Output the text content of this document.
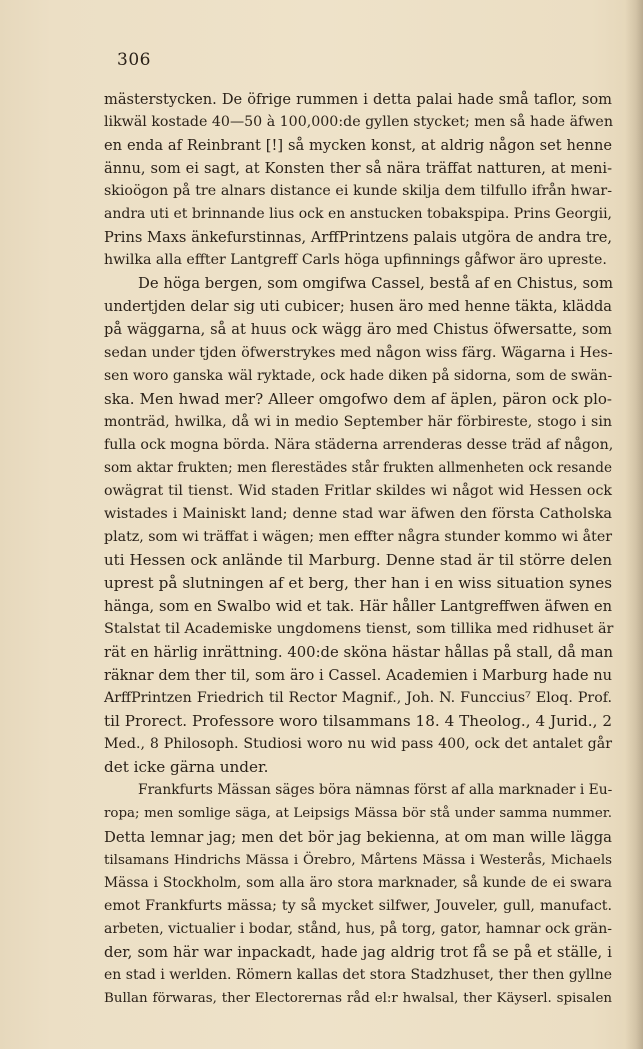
306
mästerstycken. De öfrige rummen i detta palai hade små taflor, som
likwäl kostade 40—50 à 100,000:de gyllen stycket; men så hade äfwen
en enda af Reinbrant [!] så mycken konst, at aldrig någon set henne
ännu, som ei sagt, at Konsten ther så nära träffat natturen, at meni-
skioögon på tre alnars distance ei kunde skilja dem tilfullo ifrån hwar-
andra uti et brinnande lius ock en anstucken tobakspipa. Prins Georgii,
Prins Maxs änkefurstinnas, ArffPrintzens palais utgöra de andra tre,
hwilka alla effter Lantgreff Carls höga upfinnings gåfwor äro upreste.
De höga bergen, som omgifwa Cassel, bestå af en Chistus, som
undertjden delar sig uti cubicer; husen äro med henne täkta, klädda
på wäggarna, så at huus ock wägg äro med Chistus öfwersatte, som
sedan under tjden öfwerstrykes med någon wiss färg. Wägarna i Hes-
sen woro ganska wäl ryktade, ock hade diken på sidorna, som de swän-
ska. Men hwad mer? Alleer omgofwo dem af äplen, päron ock plo-
monträd, hwilka, då wi in medio September här förbireste, stogo i sin
fulla ock mogna börda. Nära städerna arrenderas desse träd af någon,
som aktar frukten; men flerestädes står frukten allmenheten ock resande
owägrat til tienst. Wid staden Fritlar skildes wi något wid Hessen ock
wistades i Mainiskt land; denne stad war äfwen den första Catholska
platz, som wi träffat i wägen; men effter några stunder kommo wi åter
uti Hessen ock anlände til Marburg. Denne stad är til större delen
uprest på slutningen af et berg, ther han i en wiss situation synes
hänga, som en Swalbo wid et tak. Här håller Lantgreffwen äfwen en
Stalstat til Academiske ungdomens tienst, som tillika med ridhuset är
rät en härlig inrättning. 400:de sköna hästar hållas på stall, då man
räknar dem ther til, som äro i Cassel. Academien i Marburg hade nu
ArffPrintzen Friedrich til Rector Magnif., Joh. N. Funccius⁷ Eloq. Prof.
til Prorect. Professore woro tilsammans 18. 4 Theolog., 4 Jurid., 2
Med., 8 Philosoph. Studiosi woro nu wid pass 400, ock det antalet går
det icke gärna under.
Frankfurts Mässan säges böra nämnas först af alla marknader i Eu-
ropa; men somlige säga, at Leipsigs Mässa bör stå under samma nummer.
Detta lemnar jag; men det bör jag bekienna, at om man wille lägga
tilsamans Hindrichs Mässa i Örebro, Mårtens Mässa i Westerås, Michaels
Mässa i Stockholm, som alla äro stora marknader, så kunde de ei swara
emot Frankfurts mässa; ty så mycket silfwer, Jouveler, gull, manufact.
arbeten, victualier i bodar, stånd, hus, på torg, gator, hamnar ock grän-
der, som här war inpackadt, hade jag aldrig trot få se på et ställe, i
en stad i werlden. Römern kallas det stora Stadzhuset, ther then gyllne
Bullan förwaras, ther Electorernas råd el:r hwalsal, ther Käyserl. spisalen
